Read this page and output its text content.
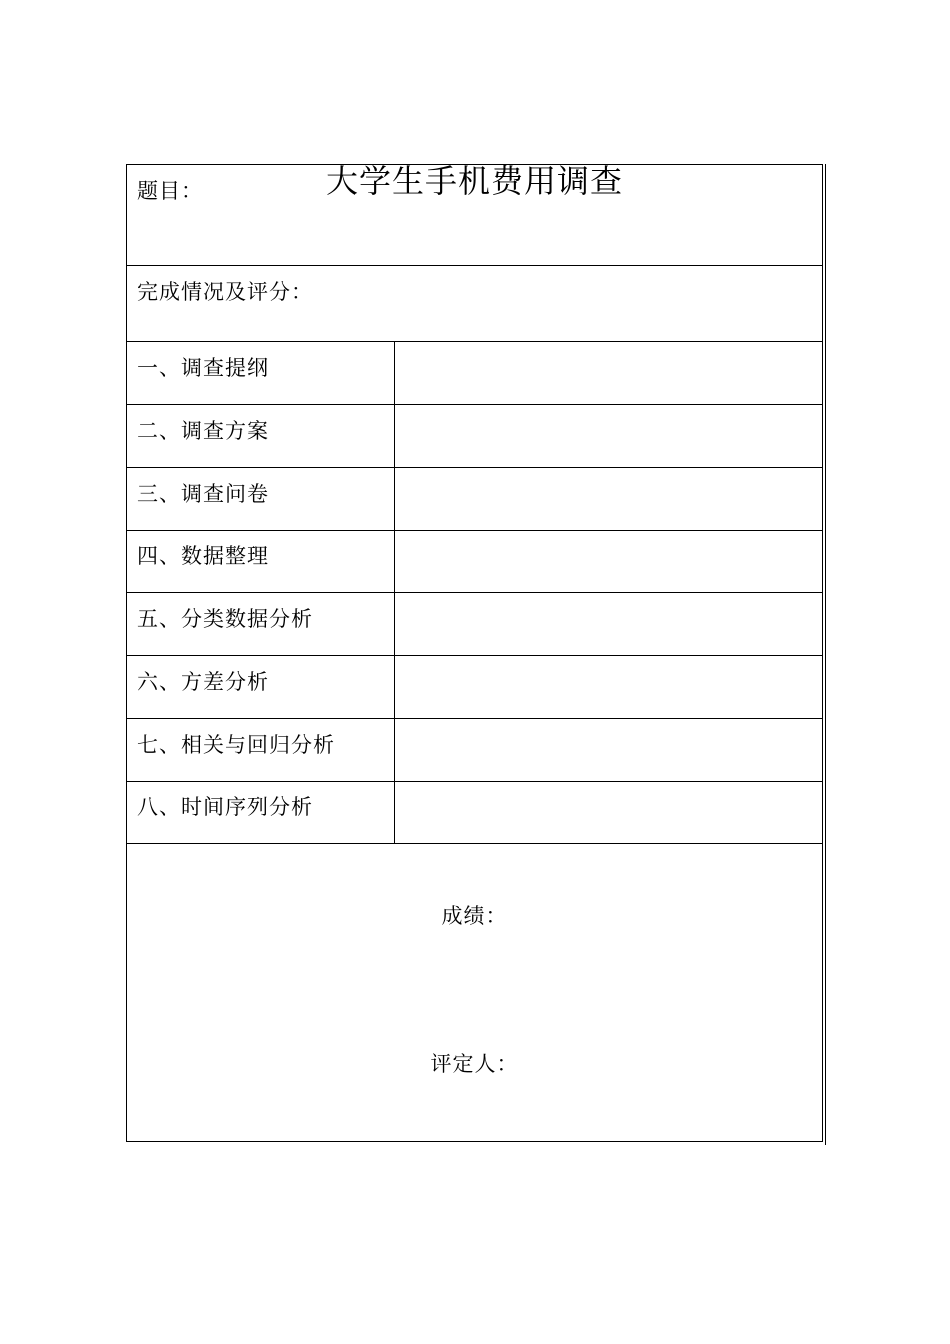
题目：	大学生手机费用调查
完成情况及评分：
一、调查提纲
二、调查方案
三、调查问卷
四、数据整理
五、分类数据分析
六、方差分析
七、相关与回归分析
八、时间序列分析
成绩：
评定人：
